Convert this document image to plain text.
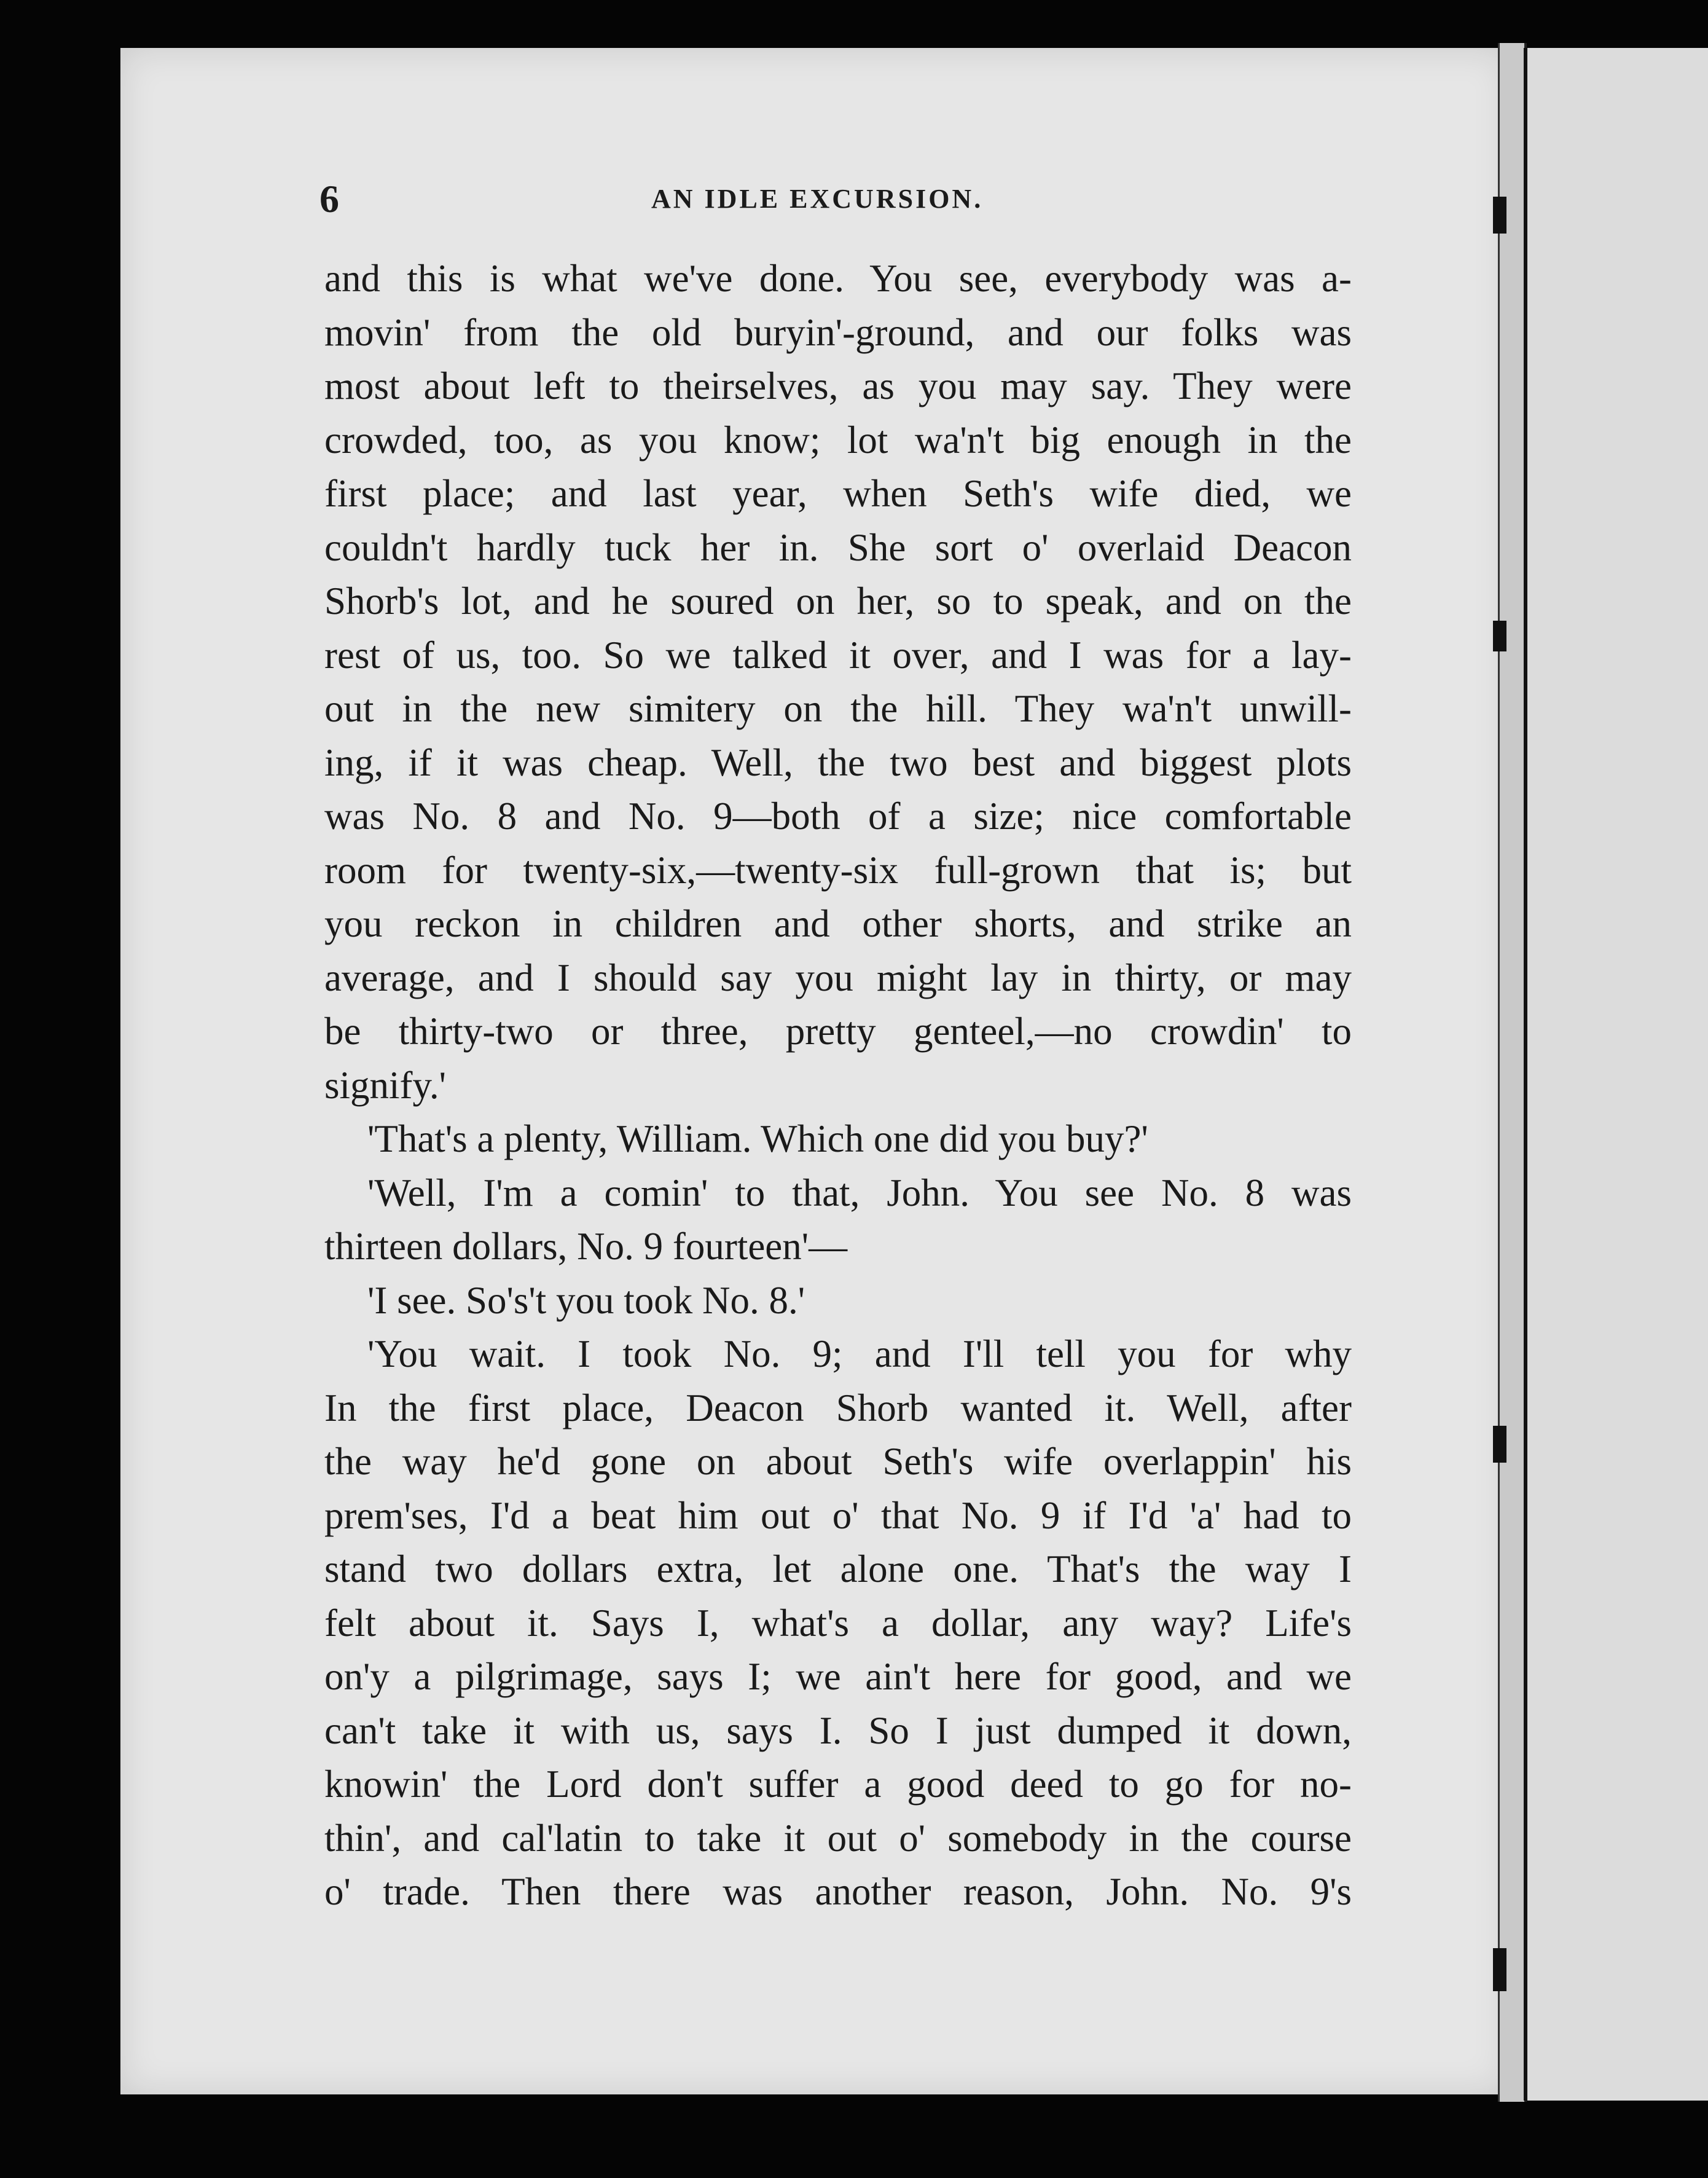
6	AN IDLE EXCURSION.
and this is what we've done. You see, everybody was a-
movin' from the old buryin'-ground, and our folks was
most about left to theirselves, as you may say. They were
crowded, too, as you know; lot wa'n't big enough in the
first place; and last year, when Seth's wife died, we
couldn't hardly tuck her in. She sort o' overlaid Deacon
Shorb's lot, and he soured on her, so to speak, and on the
rest of us, too. So we talked it over, and I was for a lay-
out in the new simitery on the hill. They wa'n't unwill-
ing, if it was cheap. Well, the two best and biggest plots
was No. 8 and No. 9—both of a size; nice comfortable
room for twenty-six,—twenty-six full-grown that is; but
you reckon in children and other shorts, and strike an
average, and I should say you might lay in thirty, or may
be thirty-two or three, pretty genteel,—no crowdin' to
signify.'
'That's a plenty, William. Which one did you buy?'
'Well, I'm a comin' to that, John. You see No. 8 was
thirteen dollars, No. 9 fourteen'—
'I see. So's't you took No. 8.'
'You wait. I took No. 9; and I'll tell you for why
In the first place, Deacon Shorb wanted it. Well, after
the way he'd gone on about Seth's wife overlappin' his
prem'ses, I'd a beat him out o' that No. 9 if I'd 'a' had to
stand two dollars extra, let alone one. That's the way I
felt about it. Says I, what's a dollar, any way? Life's
on'y a pilgrimage, says I; we ain't here for good, and we
can't take it with us, says I. So I just dumped it down,
knowin' the Lord don't suffer a good deed to go for no-
thin', and cal'latin to take it out o' somebody in the course
o' trade. Then there was another reason, John. No. 9's
